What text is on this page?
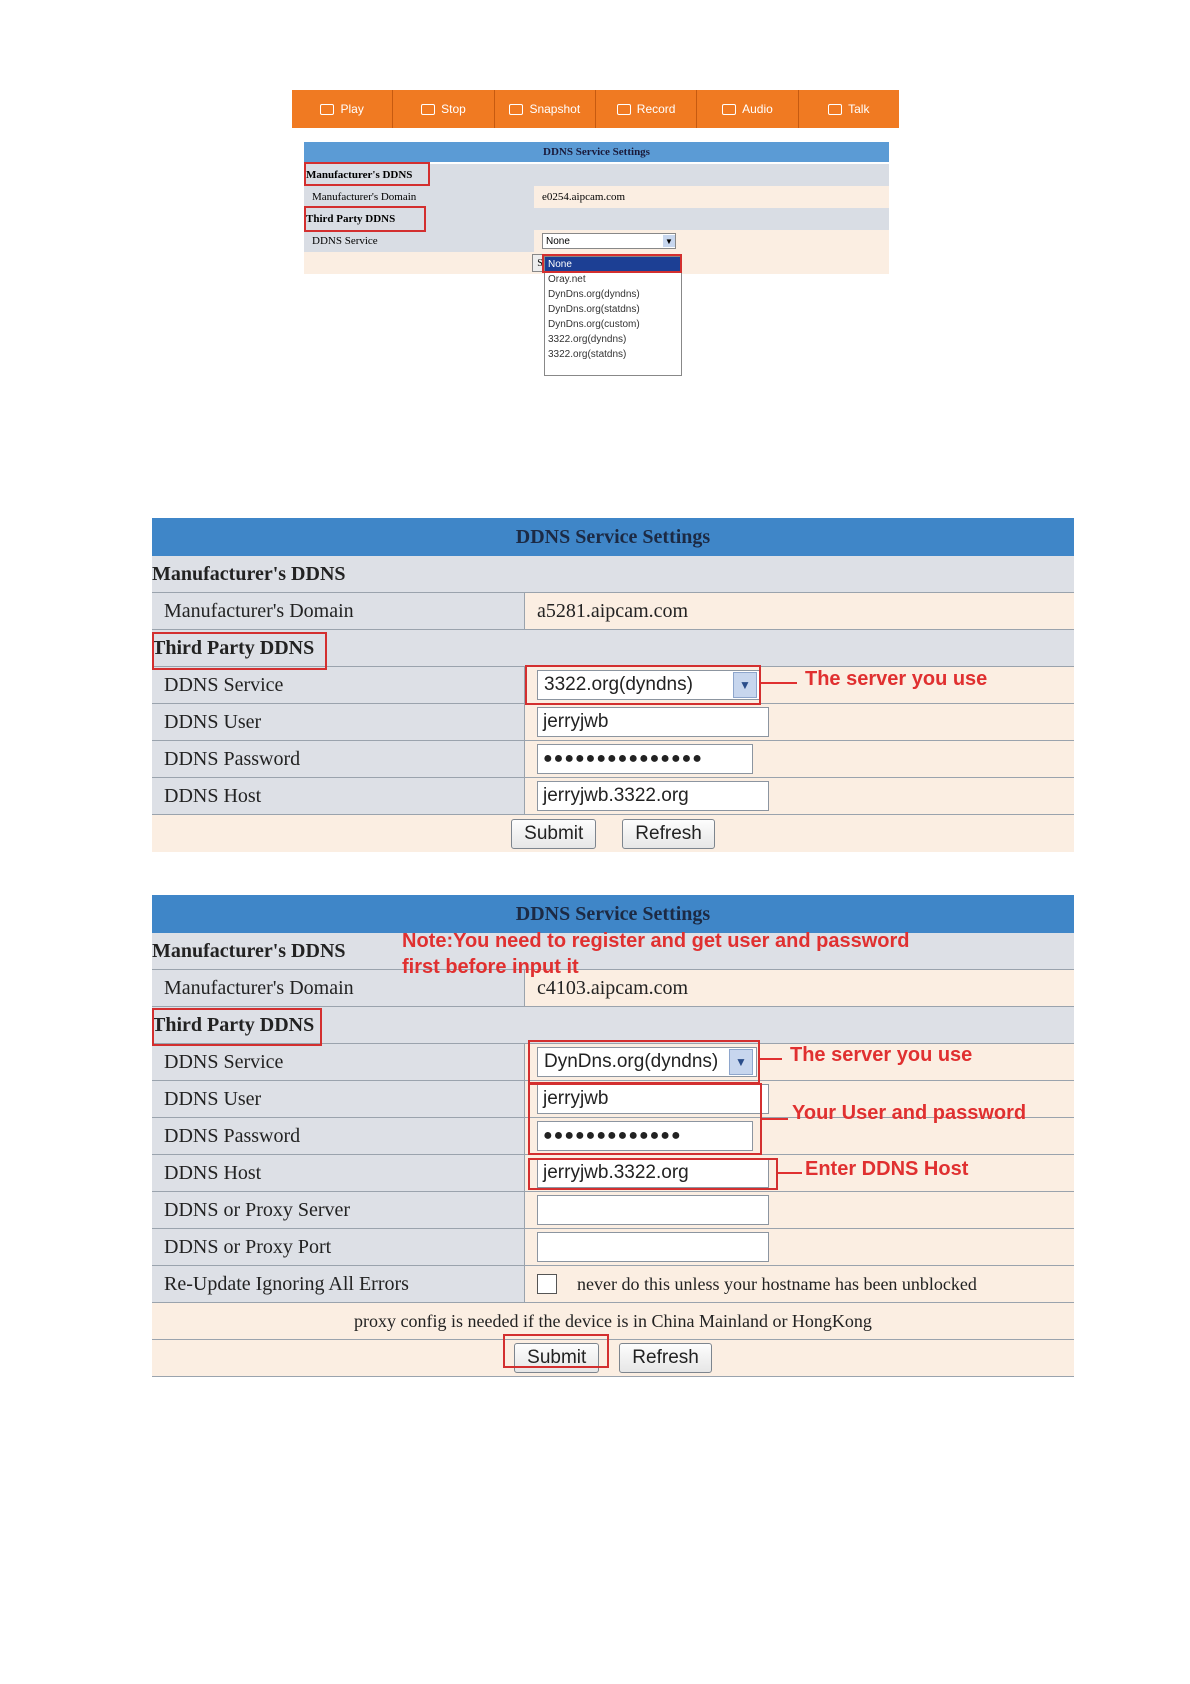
Play	Stop	Snapshot	Record	Audio	Talk
DDNS Service Settings
Manufacturer's DDNS
Manufacturer's Domain	e0254.aipcam.com
Third Party DDNS
DDNS Service	None	▼
S None
Oray.net
DynDns.org(dyndns)
DynDns.org(statdns)
DynDns.org(custom)
3322.org(dyndns)
3322.org(statdns)
DDNS Service Settings
Manufacturer's DDNS
Manufacturer's Domain	a5281.aipcam.com
Third Party DDNS
DDNS Service	3322.org(dyndns)	▼
DDNS User	jerryjwb
DDNS Password	●●●●●●●●●●●●●●●
DDNS Host	jerryjwb.3322.org
Submit	Refresh
The server you use
DDNS Service Settings
Manufacturer's DDNS
Manufacturer's Domain	c4103.aipcam.com
Third Party DDNS
DDNS Service	DynDns.org(dyndns)	▼
DDNS User	jerryjwb
DDNS Password	●●●●●●●●●●●●●
DDNS Host	jerryjwb.3322.org
DDNS or Proxy Server
DDNS or Proxy Port
Re-Update Ignoring All Errors	never do this unless your hostname has been unblocked
proxy config is needed if the device is in China Mainland or HongKong
Submit	Refresh
Note:You need to register and get user and password
first before input it
The server you use
Your User and password
Enter DDNS Host
